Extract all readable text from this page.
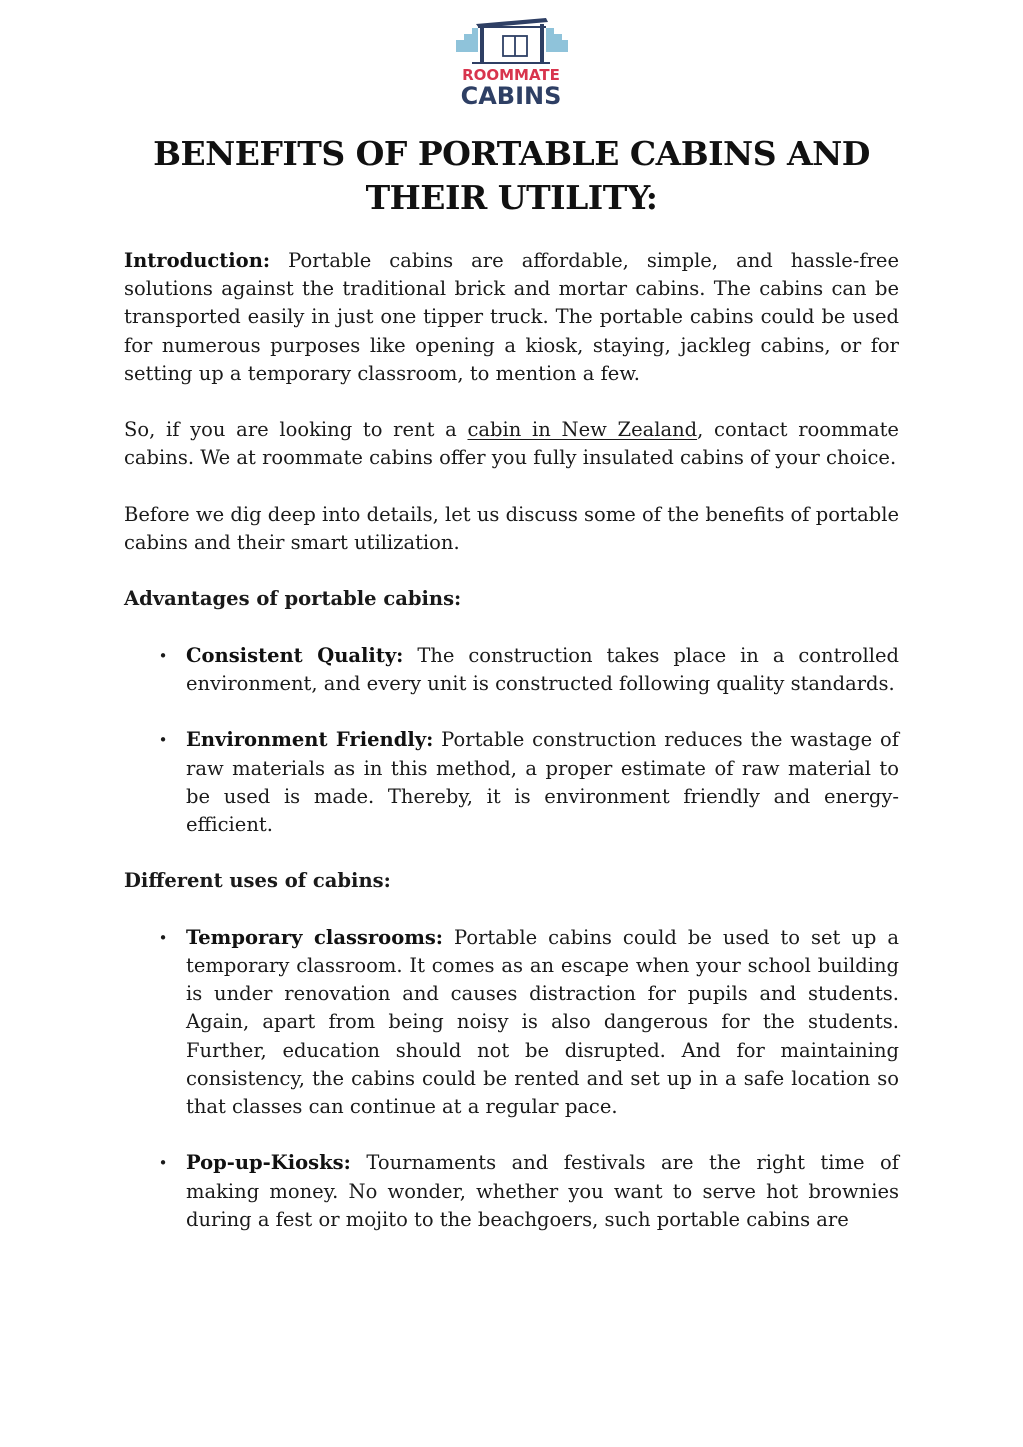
ROOMMATE
CABINS
BENEFITS OF PORTABLE CABINS AND THEIR UTILITY:

Introduction: Portable cabins are affordable, simple, and hassle-free solutions against the traditional brick and mortar cabins. The cabins can be transported easily in just one tipper truck. The portable cabins could be used for numerous purposes like opening a kiosk, staying, jackleg cabins, or for setting up a temporary classroom, to mention a few.

So, if you are looking to rent a cabin in New Zealand, contact roommate cabins. We at roommate cabins offer you fully insulated cabins of your choice.

Before we dig deep into details, let us discuss some of the benefits of portable cabins and their smart utilization.

Advantages of portable cabins:

• Consistent Quality: The construction takes place in a controlled environment, and every unit is constructed following quality standards.
• Environment Friendly: Portable construction reduces the wastage of raw materials as in this method, a proper estimate of raw material to be used is made. Thereby, it is environment friendly and energy-efficient.

Different uses of cabins:

• Temporary classrooms: Portable cabins could be used to set up a temporary classroom. It comes as an escape when your school building is under renovation and causes distraction for pupils and students. Again, apart from being noisy is also dangerous for the students. Further, education should not be disrupted. And for maintaining consistency, the cabins could be rented and set up in a safe location so that classes can continue at a regular pace.
• Pop-up-Kiosks: Tournaments and festivals are the right time of making money. No wonder, whether you want to serve hot brownies during a fest or mojito to the beachgoers, such portable cabins are
